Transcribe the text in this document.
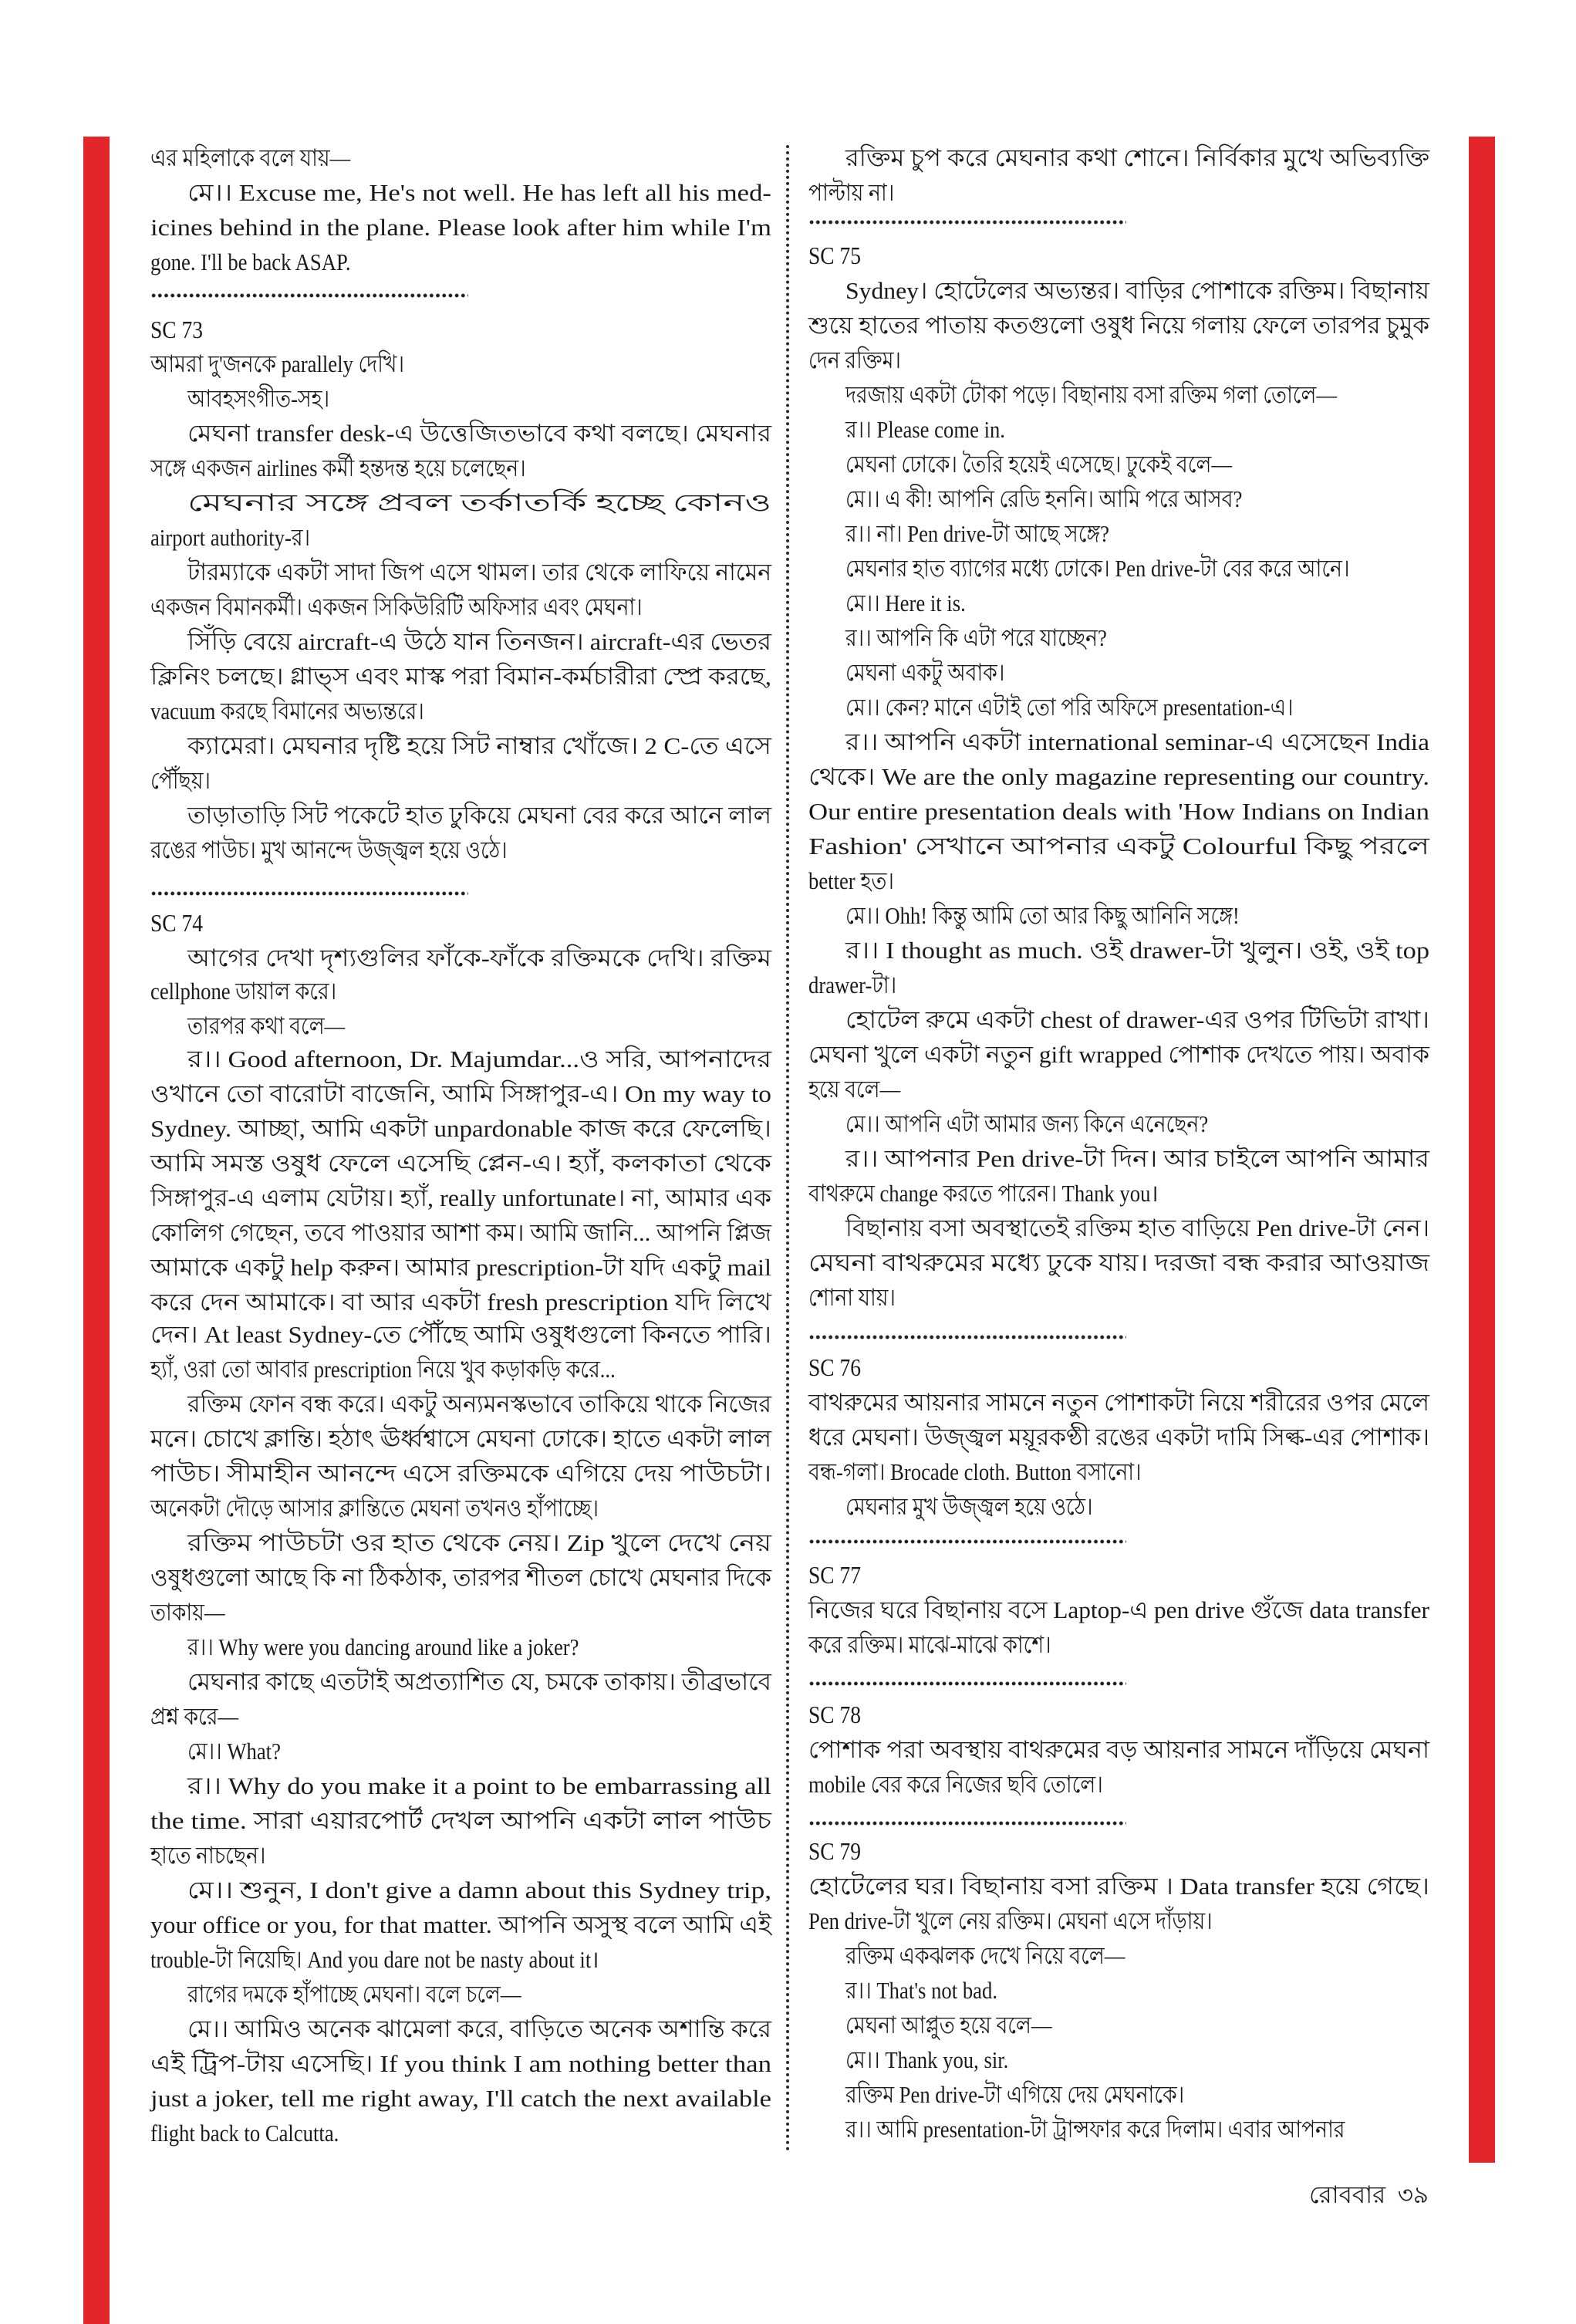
এর মহিলাকে বলে যায়—
মে।। Excuse me, He's not well. He has left all his med-
icines behind in the plane. Please look after him while I'm
gone. I'll be back ASAP.
SC 73
আমরা দু'জনকে parallely দেখি।
আবহসংগীত-সহ।
মেঘনা transfer desk-এ উত্তেজিতভাবে কথা বলছে। মেঘনার
সঙ্গে একজন airlines কর্মী হন্তদন্ত হয়ে চলেছেন।
মেঘনার সঙ্গে প্রবল তর্কাতর্কি হচ্ছে কোনও
airport authority-র।
টারম্যাকে একটা সাদা জিপ এসে থামল। তার থেকে লাফিয়ে নামেন
একজন বিমানকর্মী। একজন সিকিউরিটি অফিসার এবং মেঘনা।
সিঁড়ি বেয়ে aircraft-এ উঠে যান তিনজন। aircraft-এর ভেতর
ক্লিনিং চলছে। গ্লাভ্স এবং মাস্ক পরা বিমান-কর্মচারীরা স্প্রে করছে,
vacuum করছে বিমানের অভ্যন্তরে।
ক্যামেরা। মেঘনার দৃষ্টি হয়ে সিট নাম্বার খোঁজে। 2 C-তে এসে
পৌঁছয়।
তাড়াতাড়ি সিট পকেটে হাত ঢুকিয়ে মেঘনা বের করে আনে লাল
রঙের পাউচ। মুখ আনন্দে উজ্জ্বল হয়ে ওঠে।
SC 74
আগের দেখা দৃশ্যগুলির ফাঁকে-ফাঁকে রক্তিমকে দেখি। রক্তিম
cellphone ডায়াল করে।
তারপর কথা বলে—
র।। Good afternoon, Dr. Majumdar...ও সরি, আপনাদের
ওখানে তো বারোটা বাজেনি, আমি সিঙ্গাপুর-এ। On my way to
Sydney. আচ্ছা, আমি একটা unpardonable কাজ করে ফেলেছি।
আমি সমস্ত ওষুধ ফেলে এসেছি প্লেন-এ। হ্যাঁ, কলকাতা থেকে
সিঙ্গাপুর-এ এলাম যেটায়। হ্যাঁ, really unfortunate। না, আমার এক
কোলিগ গেছেন, তবে পাওয়ার আশা কম। আমি জানি... আপনি প্লিজ
আমাকে একটু help করুন। আমার prescription-টা যদি একটু mail
করে দেন আমাকে। বা আর একটা fresh prescription যদি লিখে
দেন। At least Sydney-তে পৌঁছে আমি ওষুধগুলো কিনতে পারি।
হ্যাঁ, ওরা তো আবার prescription নিয়ে খুব কড়াকড়ি করে...
রক্তিম ফোন বন্ধ করে। একটু অন্যমনস্কভাবে তাকিয়ে থাকে নিজের
মনে। চোখে ক্লান্তি। হঠাৎ ঊর্ধ্বশ্বাসে মেঘনা ঢোকে। হাতে একটা লাল
পাউচ। সীমাহীন আনন্দে এসে রক্তিমকে এগিয়ে দেয় পাউচটা।
অনেকটা দৌড়ে আসার ক্লান্তিতে মেঘনা তখনও হাঁপাচ্ছে।
রক্তিম পাউচটা ওর হাত থেকে নেয়। Zip খুলে দেখে নেয়
ওষুধগুলো আছে কি না ঠিকঠাক, তারপর শীতল চোখে মেঘনার দিকে
তাকায়—
র।। Why were you dancing around like a joker?
মেঘনার কাছে এতটাই অপ্রত্যাশিত যে, চমকে তাকায়। তীব্রভাবে
প্রশ্ন করে—
মে।। What?
র।। Why do you make it a point to be embarrassing all
the time. সারা এয়ারপোর্ট দেখল আপনি একটা লাল পাউচ
হাতে নাচছেন।
মে।। শুনুন, I don't give a damn about this Sydney trip,
your office or you, for that matter. আপনি অসুস্থ বলে আমি এই
trouble-টা নিয়েছি। And you dare not be nasty about it।
রাগের দমকে হাঁপাচ্ছে মেঘনা। বলে চলে—
মে।। আমিও অনেক ঝামেলা করে, বাড়িতে অনেক অশান্তি করে
এই ট্রিপ-টায় এসেছি। If you think I am nothing better than
just a joker, tell me right away, I'll catch the next available
flight back to Calcutta.
রক্তিম চুপ করে মেঘনার কথা শোনে। নির্বিকার মুখে অভিব্যক্তি
পাল্টায় না।
SC 75
Sydney। হোটেলের অভ্যন্তর। বাড়ির পোশাকে রক্তিম। বিছানায়
শুয়ে হাতের পাতায় কতগুলো ওষুধ নিয়ে গলায় ফেলে তারপর চুমুক
দেন রক্তিম।
দরজায় একটা টোকা পড়ে। বিছানায় বসা রক্তিম গলা তোলে—
র।। Please come in.
মেঘনা ঢোকে। তৈরি হয়েই এসেছে। ঢুকেই বলে—
মে।। এ কী! আপনি রেডি হননি। আমি পরে আসব?
র।। না। Pen drive-টা আছে সঙ্গে?
মেঘনার হাত ব্যাগের মধ্যে ঢোকে। Pen drive-টা বের করে আনে।
মে।। Here it is.
র।। আপনি কি এটা পরে যাচ্ছেন?
মেঘনা একটু অবাক।
মে।। কেন? মানে এটাই তো পরি অফিসে presentation-এ।
র।। আপনি একটা international seminar-এ এসেছেন India
থেকে। We are the only magazine representing our country.
Our entire presentation deals with 'How Indians on Indian
Fashion' সেখানে আপনার একটু Colourful কিছু পরলে
better হত।
মে।। Ohh! কিন্তু আমি তো আর কিছু আনিনি সঙ্গে!
র।। I thought as much. ওই drawer-টা খুলুন। ওই, ওই top
drawer-টা।
হোটেল রুমে একটা chest of drawer-এর ওপর টিভিটা রাখা।
মেঘনা খুলে একটা নতুন gift wrapped পোশাক দেখতে পায়। অবাক
হয়ে বলে—
মে।। আপনি এটা আমার জন্য কিনে এনেছেন?
র।। আপনার Pen drive-টা দিন। আর চাইলে আপনি আমার
বাথরুমে change করতে পারেন। Thank you।
বিছানায় বসা অবস্থাতেই রক্তিম হাত বাড়িয়ে Pen drive-টা নেন।
মেঘনা বাথরুমের মধ্যে ঢুকে যায়। দরজা বন্ধ করার আওয়াজ
শোনা যায়।
SC 76
বাথরুমের আয়নার সামনে নতুন পোশাকটা নিয়ে শরীরের ওপর মেলে
ধরে মেঘনা। উজ্জ্বল ময়ূরকণ্ঠী রঙের একটা দামি সিল্ক-এর পোশাক।
বন্ধ-গলা। Brocade cloth. Button বসানো।
মেঘনার মুখ উজ্জ্বল হয়ে ওঠে।
SC 77
নিজের ঘরে বিছানায় বসে Laptop-এ pen drive গুঁজে data transfer
করে রক্তিম। মাঝে-মাঝে কাশে।
SC 78
পোশাক পরা অবস্থায় বাথরুমের বড় আয়নার সামনে দাঁড়িয়ে মেঘনা
mobile বের করে নিজের ছবি তোলে।
SC 79
হোটেলের ঘর। বিছানায় বসা রক্তিম । Data transfer হয়ে গেছে।
Pen drive-টা খুলে নেয় রক্তিম। মেঘনা এসে দাঁড়ায়।
রক্তিম একঝলক দেখে নিয়ে বলে—
র।। That's not bad.
মেঘনা আপ্লুত হয়ে বলে—
মে।। Thank you, sir.
রক্তিম Pen drive-টা এগিয়ে দেয় মেঘনাকে।
র।। আমি presentation-টা ট্রান্সফার করে দিলাম। এবার আপনার
রোববার ৩৯
